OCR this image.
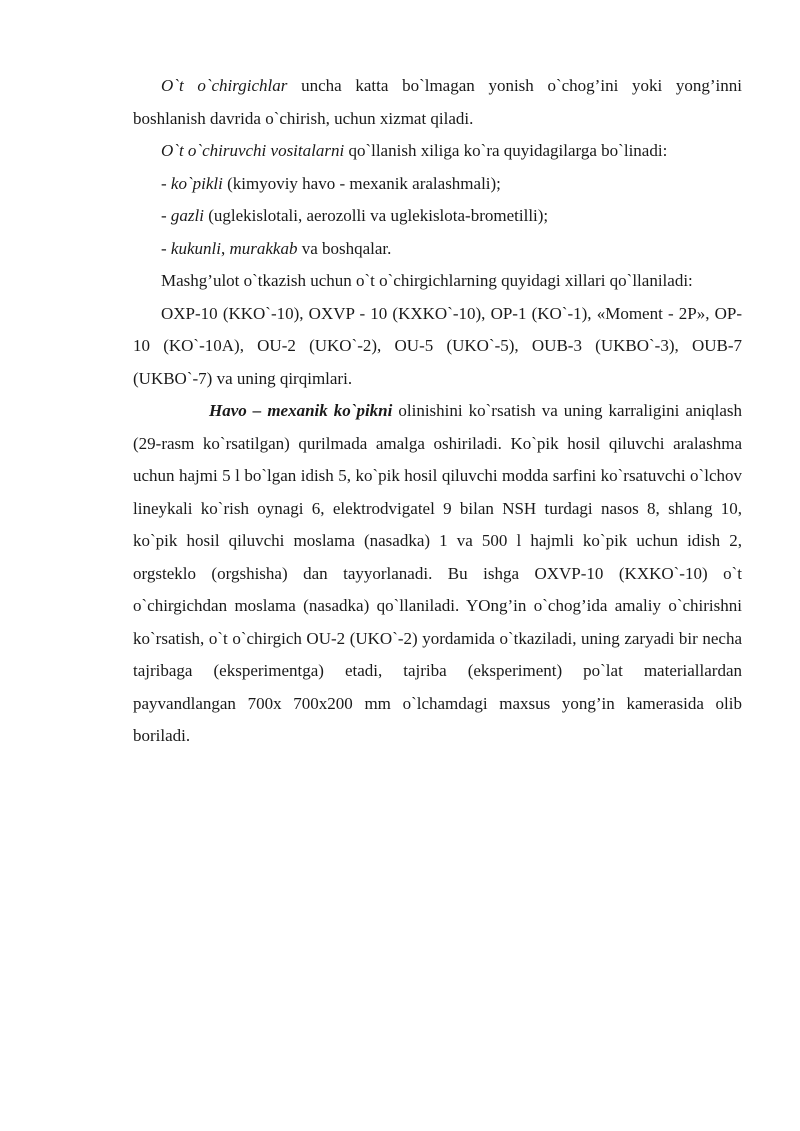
O`t o`chirgichlar uncha katta bo`lmagan yonish o`chog’ini yoki yong’inni boshlanish davrida o`chirish, uchun xizmat qiladi.

O`t o`chiruvchi vositalarni qo`llanish xiliga ko`ra quyidagilarga bo`linadi:

- ko`pikli (kimyoviy havo - mexanik aralashmali);

- gazli (uglekislotali, aerozolli va uglekislota-brometilli);

- kukunli, murakkab va boshqalar.

Mashg’ulot o`tkazish uchun o`t o`chirgichlarning quyidagi xillari qo`llaniladi:

OXP-10 (KKO`-10), OXVP - 10 (KXKO`-10), OP-1 (KO`-1), «Moment - 2P», OP-10 (KO`-10A), OU-2 (UKO`-2), OU-5 (UKO`-5), OUB-3 (UKBO`-3), OUB-7 (UKBO`-7) va uning qirqimlari.

Havo – mexanik ko`pikni olinishini ko`rsatish va uning karraligini aniqlash (29-rasm ko`rsatilgan) qurilmada amalga oshiriladi. Ko`pik hosil qiluvchi aralashma uchun hajmi 5 l bo`lgan idish 5, ko`pik hosil qiluvchi modda sarfini ko`rsatuvchi o`lchov lineykali ko`rish oynagi 6, elektrodvigatel 9 bilan NSH turdagi nasos 8, shlang 10, ko`pik hosil qiluvchi moslama (nasadka) 1 va 500 l hajmli ko`pik uchun idish 2, orgsteklo (orgshisha) dan tayyorlanadi. Bu ishga OXVP-10 (KXKO`-10) o`t o`chirgichdan moslama (nasadka) qo`llaniladi. YOng’in o`chog’ida amaliy o`chirishni ko`rsatish, o`t o`chirgich OU-2 (UKO`-2) yordamida o`tkaziladi, uning zaryadi bir necha tajribaga (eksperimentga) etadi, tajriba (eksperiment) po`lat materiallardan payvandlangan 700x 700x200 mm o`lchamdagi maxsus yong’in kamerasida olib boriladi.
